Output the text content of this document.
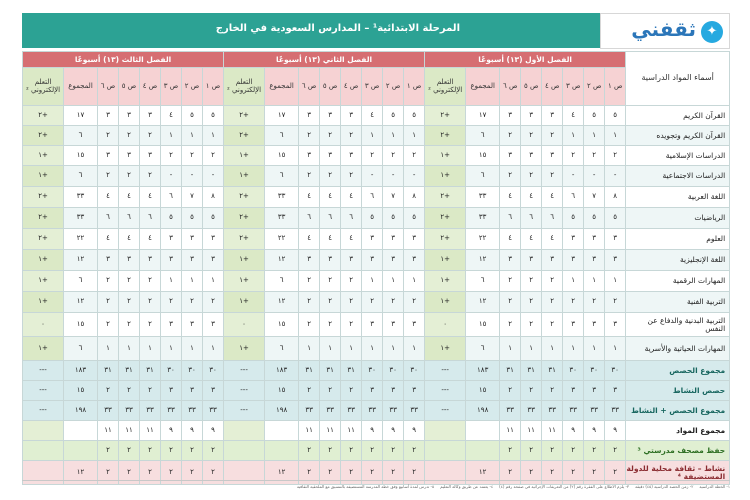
المرحلة الابتدائية¹ – المدارس السعودية في الخارج	ثقفني ✦
أسماء المواد الدراسية	الفصل الأول (١٣) أسبوعًا								الفصل الثاني (١٣) أسبوعًا								الفصل الثالث (١٣) أسبوعًا							
	ص ١	ص ٢	ص ٣	ص ٤	ص ٥	ص ٦	المجموع	التعلم الإلكتروني ²	ص ١	ص ٢	ص ٣	ص ٤	ص ٥	ص ٦	المجموع	التعلم الإلكتروني ²	ص ١	ص ٢	ص ٣	ص ٤	ص ٥	ص ٦	المجموع	التعلم الإلكتروني ²
القرآن الكريم	٥	٥	٤	٣	٣	٣	١٧	+٢	٥	٥	٤	٣	٣	٣	١٧	+٢	٥	٥	٤	٣	٣	٣	١٧	+٢
القرآن الكريم وتجويده	١	١	١	٢	٢	٢	٦	+٢	١	١	١	٢	٢	٢	٦	+٢	١	١	١	٢	٢	٢	٦	+٢
الدراسات الإسلامية	٢	٢	٢	٣	٣	٣	١٥	+١	٢	٢	٢	٣	٣	٣	١٥	+١	٢	٢	٢	٣	٣	٣	١٥	+١
الدراسات الاجتماعية	-	-	-	٢	٢	٢	٦	+١	-	-	-	٢	٢	٢	٦	+١	-	-	-	٢	٢	٢	٦	+١
اللغة العربية	٨	٧	٦	٤	٤	٤	٣٣	+٢	٨	٧	٦	٤	٤	٤	٣٣	+٢	٨	٧	٦	٤	٤	٤	٣٣	+٢
الرياضيات	٥	٥	٥	٦	٦	٦	٣٣	+٢	٥	٥	٥	٦	٦	٦	٣٣	+٢	٥	٥	٥	٦	٦	٦	٣٣	+٢
العلوم	٣	٣	٣	٤	٤	٤	٢٢	+٢	٣	٣	٣	٤	٤	٤	٢٢	+٢	٣	٣	٣	٤	٤	٤	٢٢	+٢
اللغة الإنجليزية	٣	٣	٣	٣	٣	٣	١٢	+١	٣	٣	٣	٣	٣	٣	١٢	+١	٣	٣	٣	٣	٣	٣	١٢	+١
المهارات الرقمية	١	١	١	٢	٢	٢	٦	+١	١	١	١	٢	٢	٢	٦	+١	١	١	١	٢	٢	٢	٦	+١
التربية الفنية	٢	٢	٢	٢	٢	٢	١٢	+١	٢	٢	٢	٢	٢	٢	١٢	+١	٢	٢	٢	٢	٢	٢	١٢	+١
التربية البدنية والدفاع عن النفس	٣	٣	٣	٢	٢	٢	١٥	٠	٣	٣	٣	٢	٢	٢	١٥	٠	٣	٣	٣	٢	٢	٢	١٥	٠
المهارات الحياتية والأسرية	١	١	١	١	١	١	٦	+١	١	١	١	١	١	١	٦	+١	١	١	١	١	١	١	٦	+١
مجموع الحصص	٣٠	٣٠	٣٠	٣١	٣١	٣١	١٨٣	---	٣٠	٣٠	٣٠	٣١	٣١	٣١	١٨٣	---	٣٠	٣٠	٣٠	٣١	٣١	٣١	١٨٣	---
حصص النشاط	٣	٣	٣	٢	٢	٢	١٥	---	٣	٣	٣	٢	٢	٢	١٥	---	٣	٣	٣	٢	٢	٢	١٥	---
مجموع الحصص + النشاط	٣٣	٣٣	٣٣	٣٣	٣٣	٣٣	١٩٨	---	٣٣	٣٣	٣٣	٣٣	٣٣	٣٣	١٩٨	---	٣٣	٣٣	٣٣	٣٣	٣٣	٣٣	١٩٨	---
مجموع المواد	٩	٩	٩	١١	١١	١١			٩	٩	٩	١١	١١	١١			٩	٩	٩	١١	١١	١١		
حفظ مصحف مدرستي ³	٢	٢	٢	٢	٢	٢			٢	٢	٢	٢	٢	٢			٢	٢	٢	٢	٢	٢		
نشاط – ثقافة محلية للدولة المستضيفة ⁴	٢	٢	٢	٢	٢	٢	١٢		٢	٢	٢	٢	٢	٢	١٢		٢	٢	٢	٢	٢	٢	١٢	
١- الخطة الدراسية
٢- زمن الحصة الدراسية (٤٥) دقيقة
٣- يلزم الاطلاع على الفقرة رقم (٢) من التعريفات الإجرائية في صفحة رقم (٤)
٤- يعتمد عن طريق وكالة التعليم
٥- تدرس لمدة أسابيع وفق خطة المدرسة المستضيفة بالتنسيق مع الملحقية الثقافية
